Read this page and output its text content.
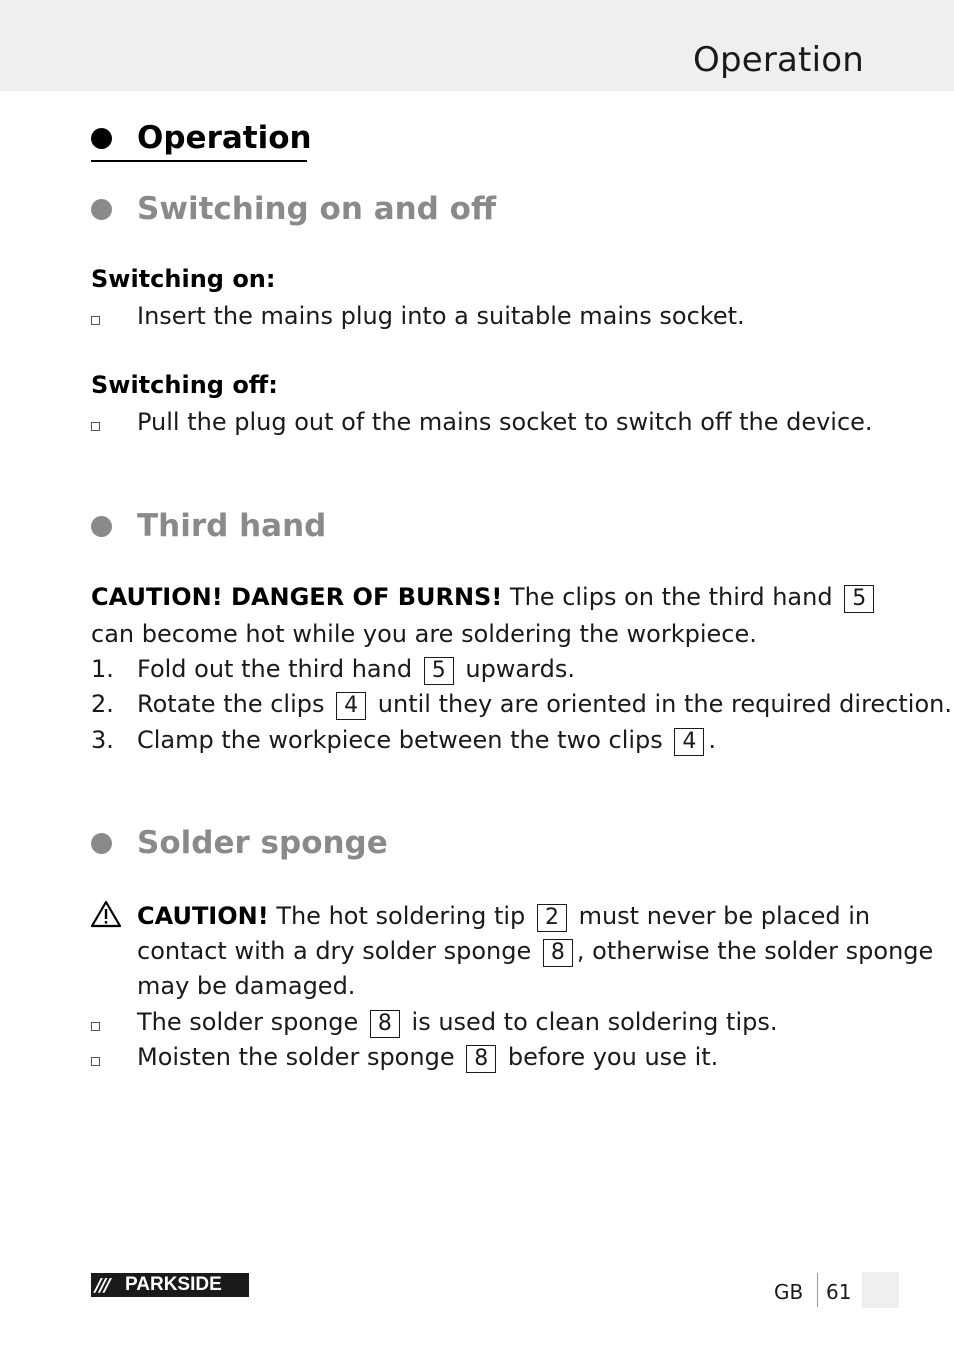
Operation
Operation
Switching on and off
Switching on:
Insert the mains plug into a suitable mains socket.
Switching off:
Pull the plug out of the mains socket to switch off the device.
Third hand
CAUTION! DANGER OF BURNS! The clips on the third hand 5
can become hot while you are soldering the workpiece.
1. Fold out the third hand 5 upwards.
2. Rotate the clips 4 until they are oriented in the required direction.
3. Clamp the workpiece between the two clips 4 .
Solder sponge
CAUTION! The hot soldering tip 2 must never be placed in
contact with a dry solder sponge 8 , otherwise the solder sponge
may be damaged.
The solder sponge 8 is used to clean soldering tips.
Moisten the solder sponge 8 before you use it.
/// PARKSIDE	GB 61
